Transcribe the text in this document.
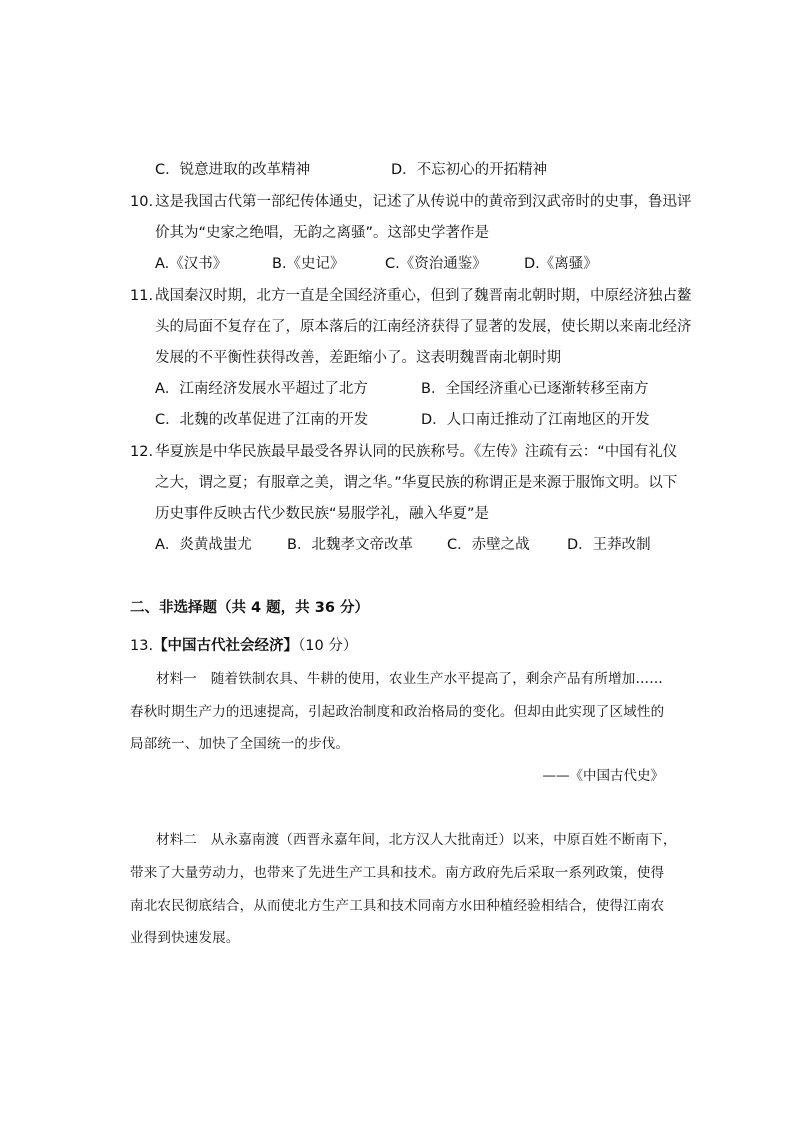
C．锐意进取的改革精神	D．不忘初心的开拓精神
10. 这是我国古代第一部纪传体通史，记述了从传说中的黄帝到汉武帝时的史事，鲁迅评
价其为“史家之绝唱，无韵之离骚”。这部史学著作是
A.《汉书》	B.《史记》	C.《资治通鉴》	D.《离骚》
11. 战国秦汉时期，北方一直是全国经济重心，但到了魏晋南北朝时期，中原经济独占鳌
头的局面不复存在了，原本落后的江南经济获得了显著的发展，使长期以来南北经济
发展的不平衡性获得改善，差距缩小了。这表明魏晋南北朝时期
A．江南经济发展水平超过了北方	B．全国经济重心已逐渐转移至南方
C．北魏的改革促进了江南的开发	D．人口南迁推动了江南地区的开发
12. 华夏族是中华民族最早最受各界认同的民族称号。《左传》注疏有云：“中国有礼仪
之大，谓之夏；有服章之美，谓之华。”华夏民族的称谓正是来源于服饰文明。以下
历史事件反映古代少数民族“易服学礼，融入华夏”是
A．炎黄战蚩尤 B．北魏孝文帝改革 C．赤壁之战	D．王莽改制
二、非选择题（共 4 题，共 36 分）
13.【中国古代社会经济】（10 分）
材料一　随着铁制农具、牛耕的使用，农业生产水平提高了，剩余产品有所增加……
春秋时期生产力的迅速提高，引起政治制度和政治格局的变化。但却由此实现了区域性的
局部统一、加快了全国统一的步伐。
——《中国古代史》
材料二　从永嘉南渡（西晋永嘉年间，北方汉人大批南迁）以来，中原百姓不断南下，
带来了大量劳动力，也带来了先进生产工具和技术。南方政府先后采取一系列政策，使得
南北农民彻底结合，从而使北方生产工具和技术同南方水田种植经验相结合，使得江南农
业得到快速发展。
